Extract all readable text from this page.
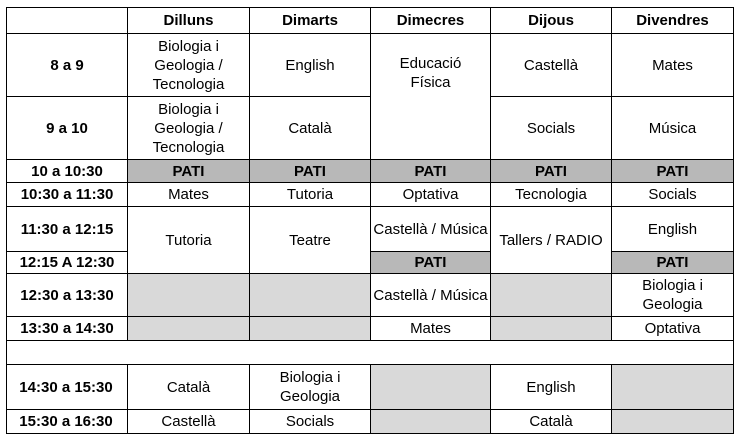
	Dilluns	Dimarts	Dimecres	Dijous	Divendres
8 a 9	Biologia i Geologia / Tecnologia	English	Educació Física	Castellà	Mates
9 a 10	Biologia i Geologia / Tecnologia	Català		Socials	Música
10 a 10:30	PATI	PATI	PATI	PATI	PATI
10:30 a 11:30	Mates	Tutoria	Optativa	Tecnologia	Socials
11:30 a 12:15	Tutoria	Teatre	Castellà / Música	Tallers / RADIO	English
12:15 A 12:30			PATI		PATI
12:30 a 13:30			Castellà / Música		Biologia i Geologia
13:30 a 14:30			Mates		Optativa

14:30 a 15:30	Català	Biologia i Geologia		English	
15:30 a 16:30	Castellà	Socials		Català	
